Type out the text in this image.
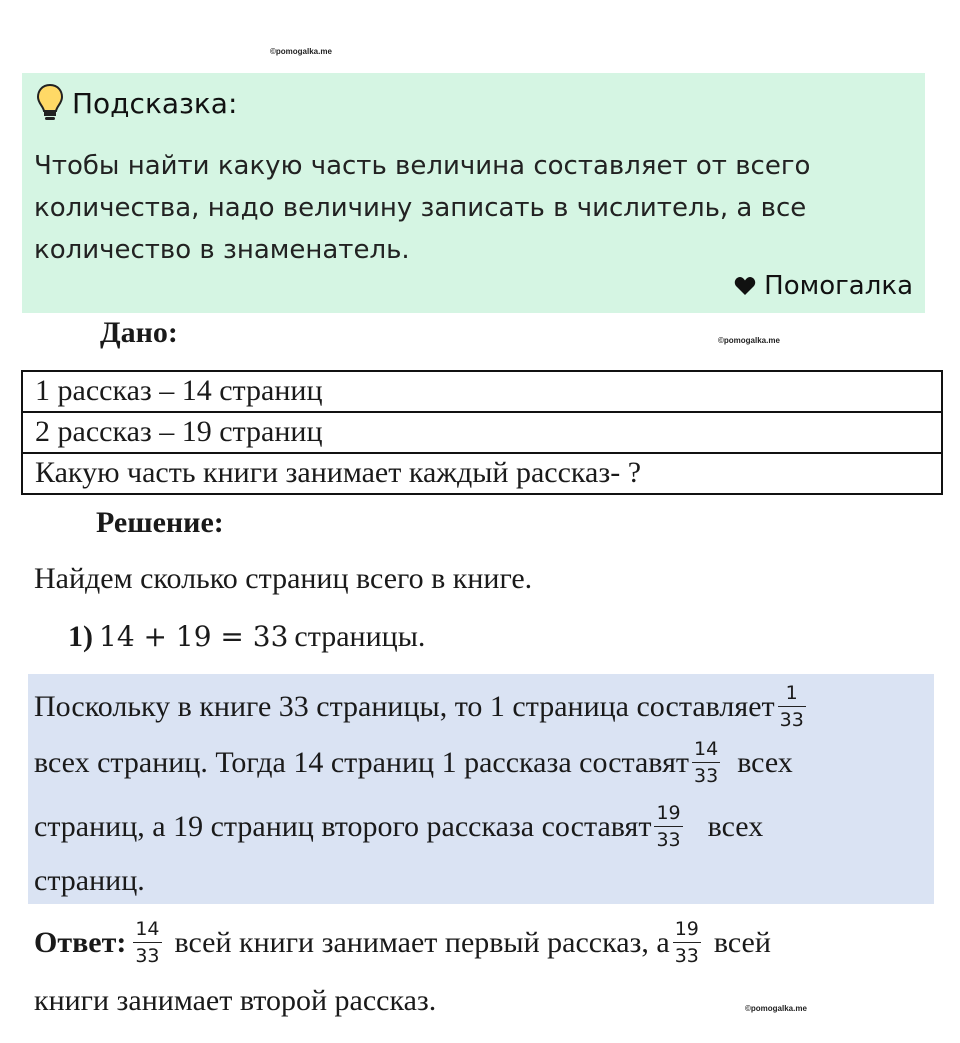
©pomogalka.me
Подсказка:
Чтобы найти какую часть величина составляет от всего
количества, надо величину записать в числитель, а все
количество в знаменатель.
Помогалка
Дано:	©pomogalka.me
1 рассказ – 14 страниц
2 рассказ – 19 страниц
Какую часть книги занимает каждый рассказ- ?
Решение:
Найдем сколько страниц всего в книге.
1) 14 + 19 = 33 страницы.
Поскольку в книге 33 страницы, то 1 страница составляет $\frac{1}{33}$
всех страниц. Тогда 14 страниц 1 рассказа составят $\frac{14}{33}$ всех
страниц, а 19 страниц второго рассказа составят $\frac{19}{33}$ всех
страниц.
Ответ: $\frac{14}{33}$ всей книги занимает первый рассказ, а $\frac{19}{33}$ всей
книги занимает второй рассказ.	©pomogalka.me
